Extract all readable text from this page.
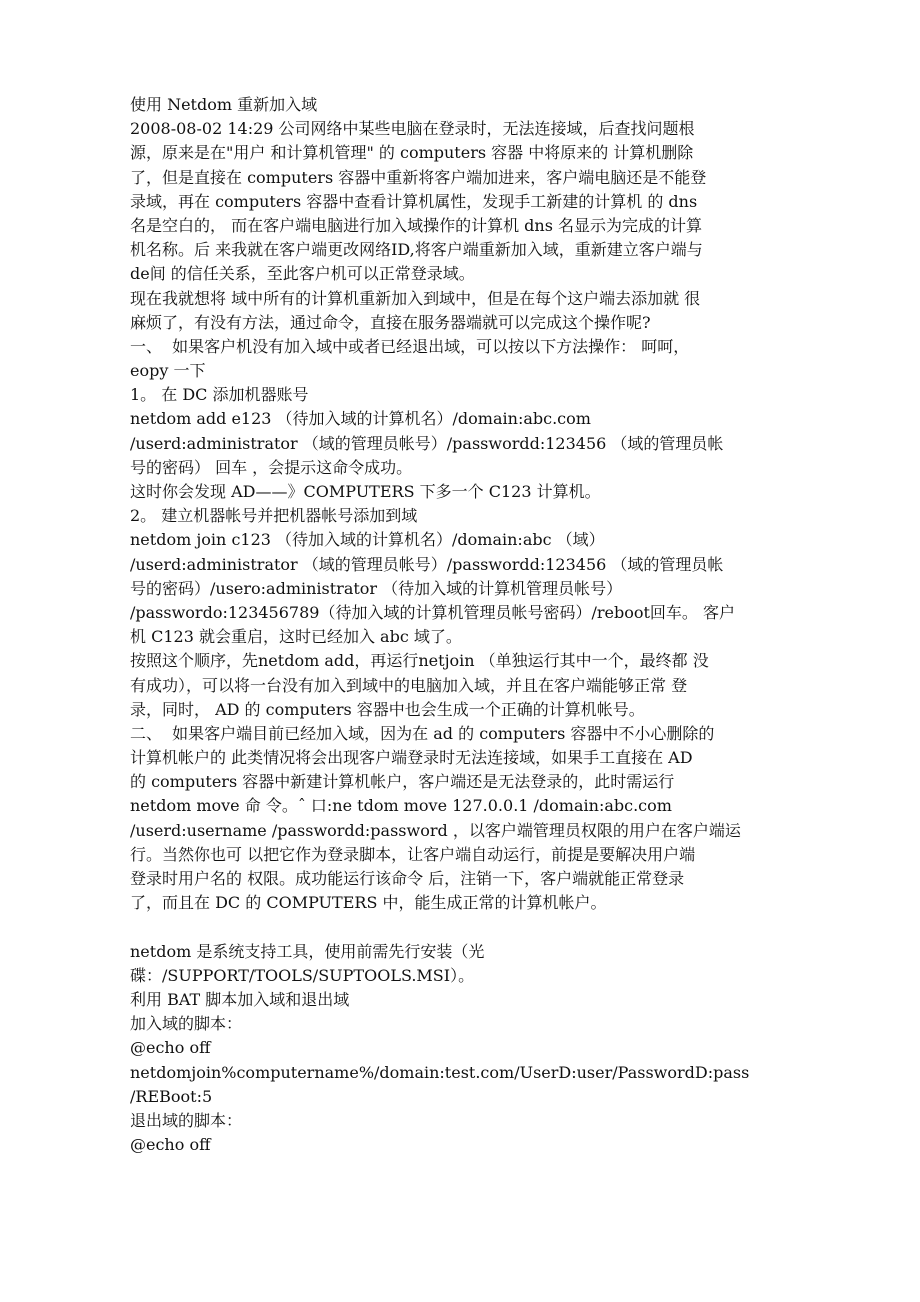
使用 Netdom 重新加入域
2008-08-02 14:29 公司网络中某些电脑在登录时，无法连接域，后查找问题根
源，原来是在"用户 和计算机管理" 的 computers 容器 中将原来的 计算机删除
了，但是直接在 computers 容器中重新将客户端加进来，客户端电脑还是不能登
录域，再在 computers 容器中查看计算机属性，发现手工新建的计算机 的 dns
名是空白的， 而在客户端电脑进行加入域操作的计算机 dns 名显示为完成的计算
机名称。后 来我就在客户端更改网络ID,将客户端重新加入域，重新建立客户端与
de间 的信任关系，至此客户机可以正常登录域。
现在我就想将 域中所有的计算机重新加入到域中，但是在每个这户端去添加就 很
麻烦了，有没有方法，通过命令，直接在服务器端就可以完成这个操作呢?
一、  如果客户机没有加入域中或者已经退出域，可以按以下方法操作： 呵呵，
eopy 一下
1。 在 DC 添加机器账号
netdom add e123 （待加入域的计算机名）/domain:abc.com
/userd:administrator （域的管理员帐号）/passwordd:123456 （域的管理员帐
号的密码） 回车 ，会提示这命令成功。
这时你会发现 AD——》COMPUTERS 下多一个 C123 计算机。
2。 建立机器帐号并把机器帐号添加到域
netdom join c123 （待加入域的计算机名）/domain:abc （域）
/userd:administrator （域的管理员帐号）/passwordd:123456 （域的管理员帐
号的密码）/usero:administrator （待加入域的计算机管理员帐号）
/passwordo:123456789（待加入域的计算机管理员帐号密码）/reboot回车。 客户
机 C123 就会重启，这时已经加入 abc 域了。
按照这个顺序，先netdom add，再运行netjoin （单独运行其中一个，最终都 没
有成功），可以将一台没有加入到域中的电脑加入域，并且在客户端能够正常 登
录，同时， AD 的 computers 容器中也会生成一个正确的计算机帐号。
二、  如果客户端目前已经加入域，因为在 ad 的 computers 容器中不小心删除的
计算机帐户的 此类情况将会出现客户端登录时无法连接域，如果手工直接在 AD
的 computers 容器中新建计算机帐户，客户端还是无法登录的，此时需运行
netdom move 命 令。ˆ 口:ne tdom move 127.0.0.1 /domain:abc.com
/userd:username /passwordd:password ，以客户端管理员权限的用户在客户端运
行。当然你也可 以把它作为登录脚本，让客户端自动运行，前提是要解决用户端
登录时用户名的 权限。成功能运行该命令 后，注销一下，客户端就能正常登录
了，而且在 DC 的 COMPUTERS 中，能生成正常的计算机帐户。
netdom 是系统支持工具，使用前需先行安装（光
碟：/SUPPORT/TOOLS/SUPTOOLS.MSI）。
利用 BAT 脚本加入域和退出域
加入域的脚本：
@echo off
netdomjoin%computername%/domain:test.com/UserD:user/PasswordD:pass
/REBoot:5
退出域的脚本：
@echo off
